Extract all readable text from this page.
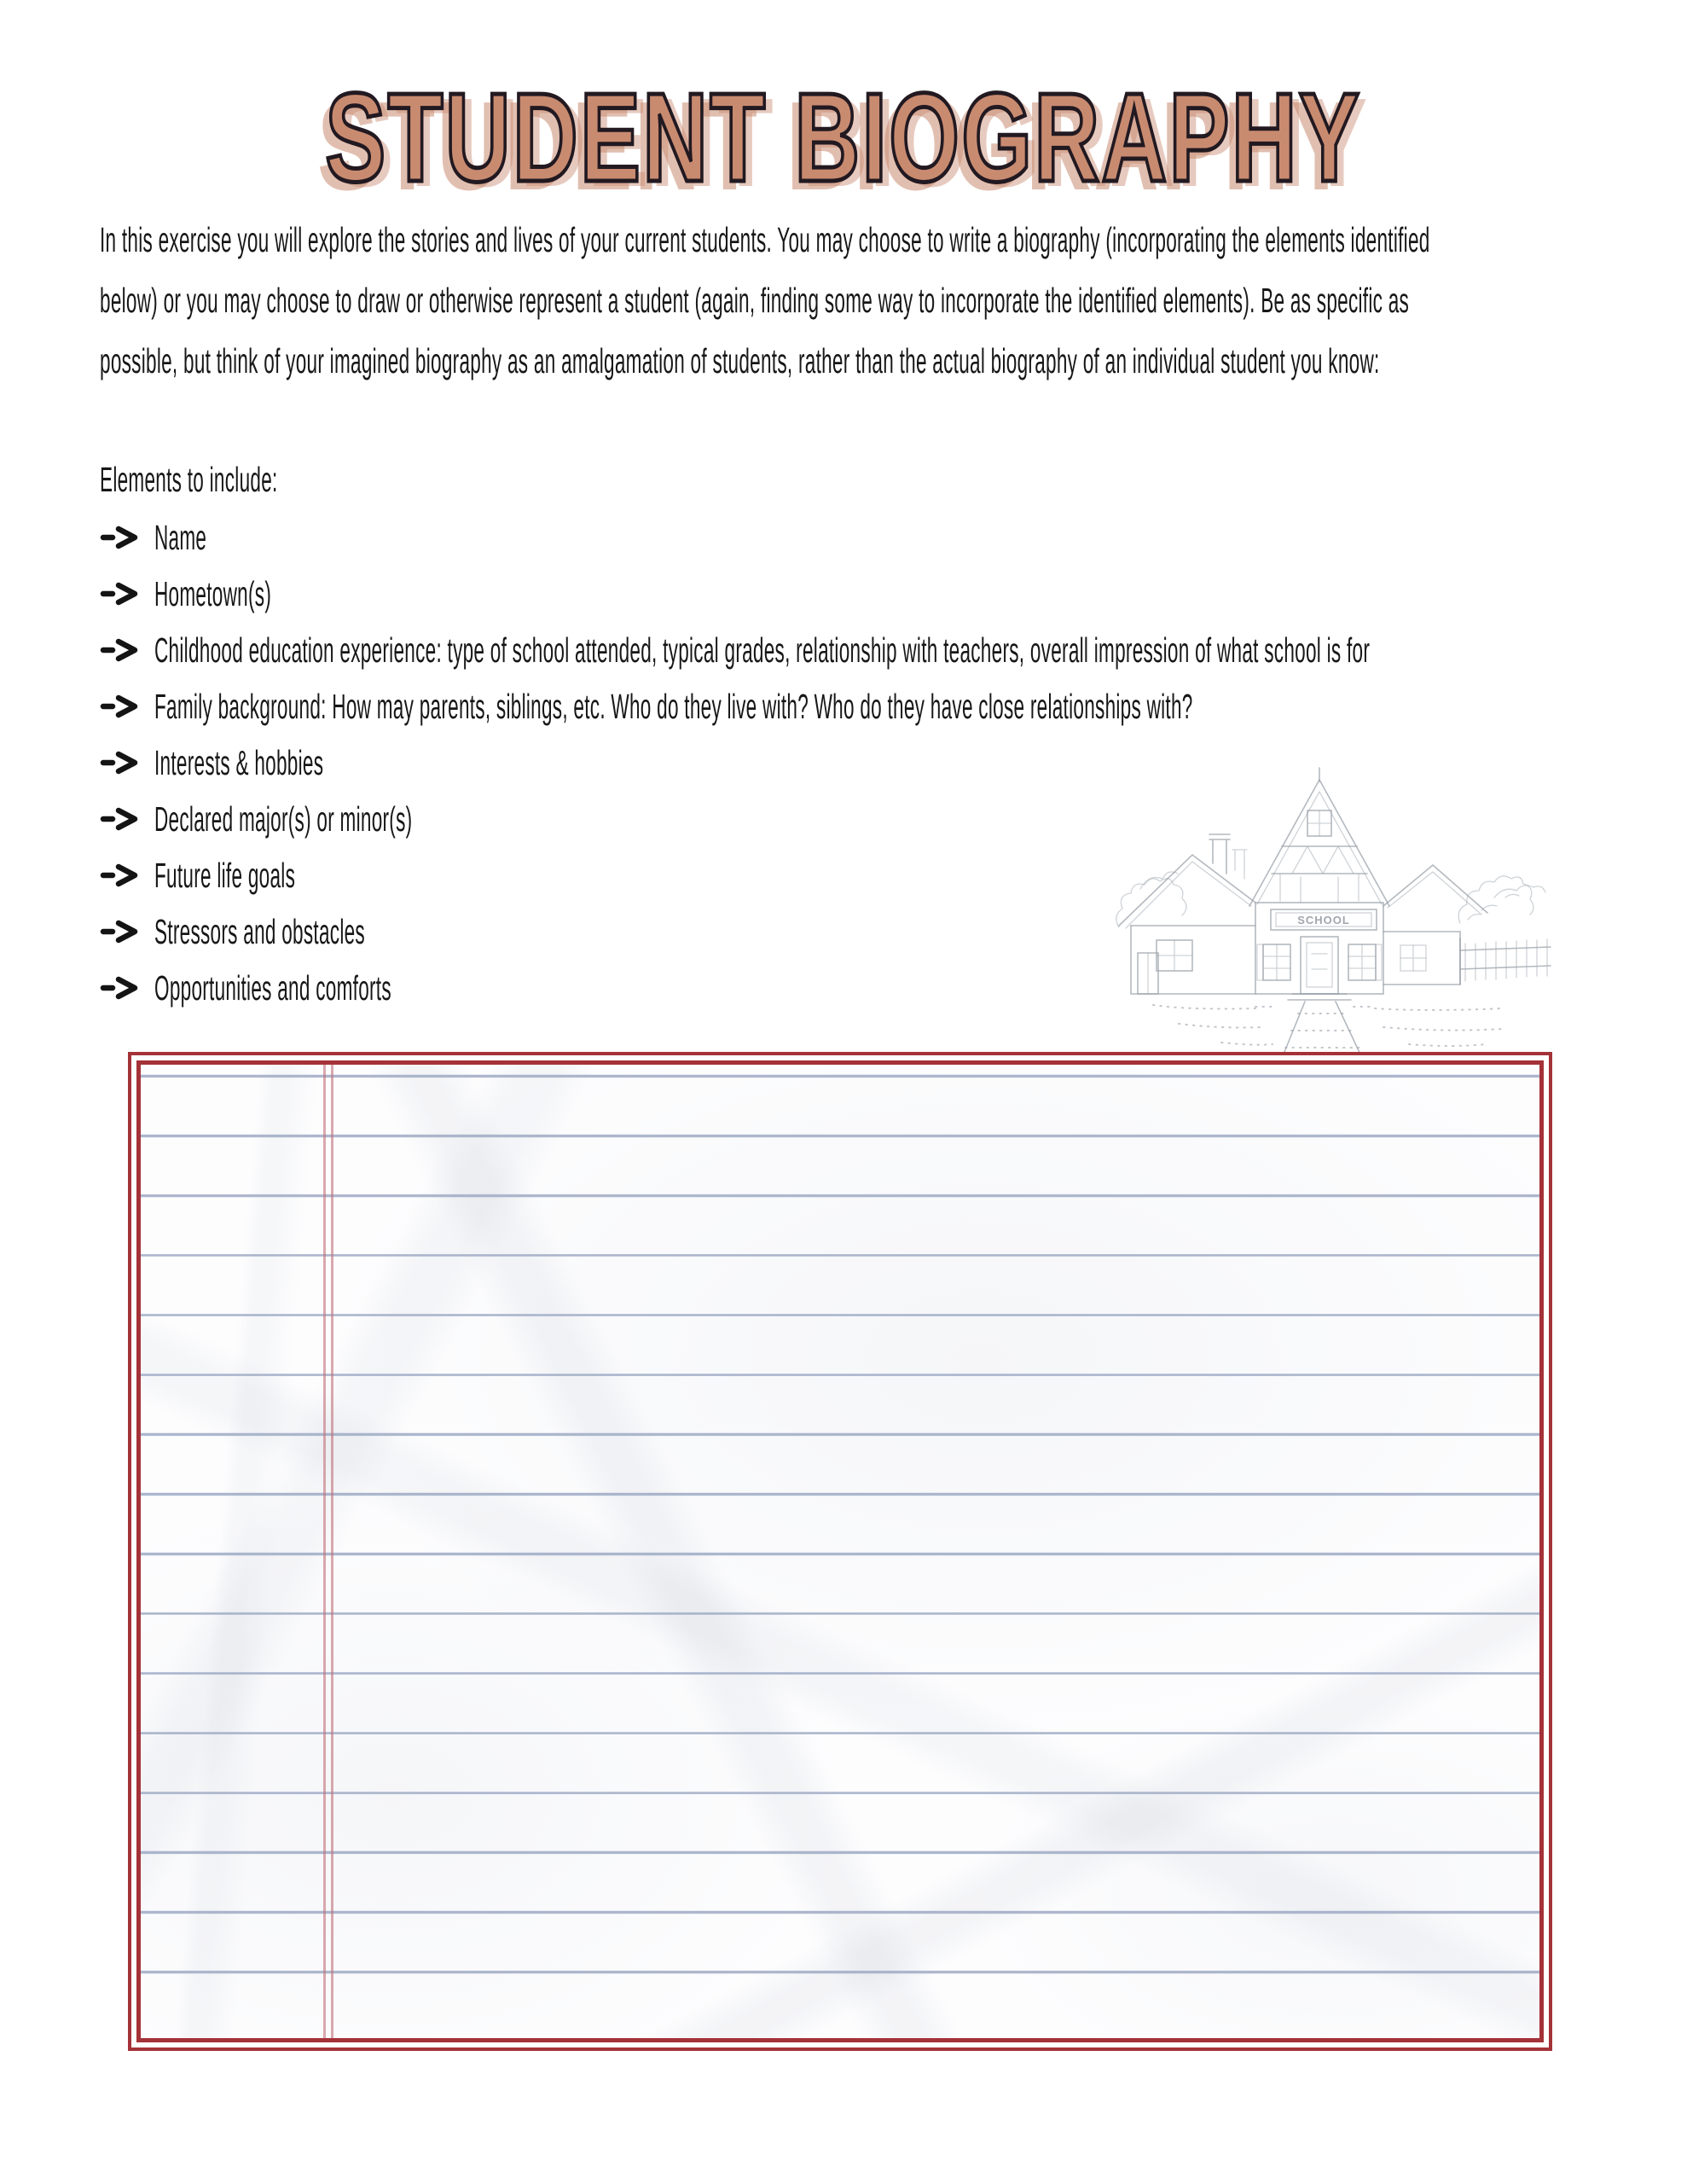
STUDENT BIOGRAPHY
In this exercise you will explore the stories and lives of your current students. You may choose to write a biography (incorporating the elements identified
below) or you may choose to draw or otherwise represent a student (again, finding some way to incorporate the identified elements). Be as specific as
possible, but think of your imagined biography as an amalgamation of students, rather than the actual biography of an individual student you know:
Elements to include:
Name
Hometown(s)
Childhood education experience: type of school attended, typical grades, relationship with teachers, overall impression of what school is for
Family background: How may parents, siblings, etc. Who do they live with? Who do they have close relationships with?
Interests & hobbies
Declared major(s) or minor(s)
Future life goals
Stressors and obstacles
Opportunities and comforts
SCHOOL
